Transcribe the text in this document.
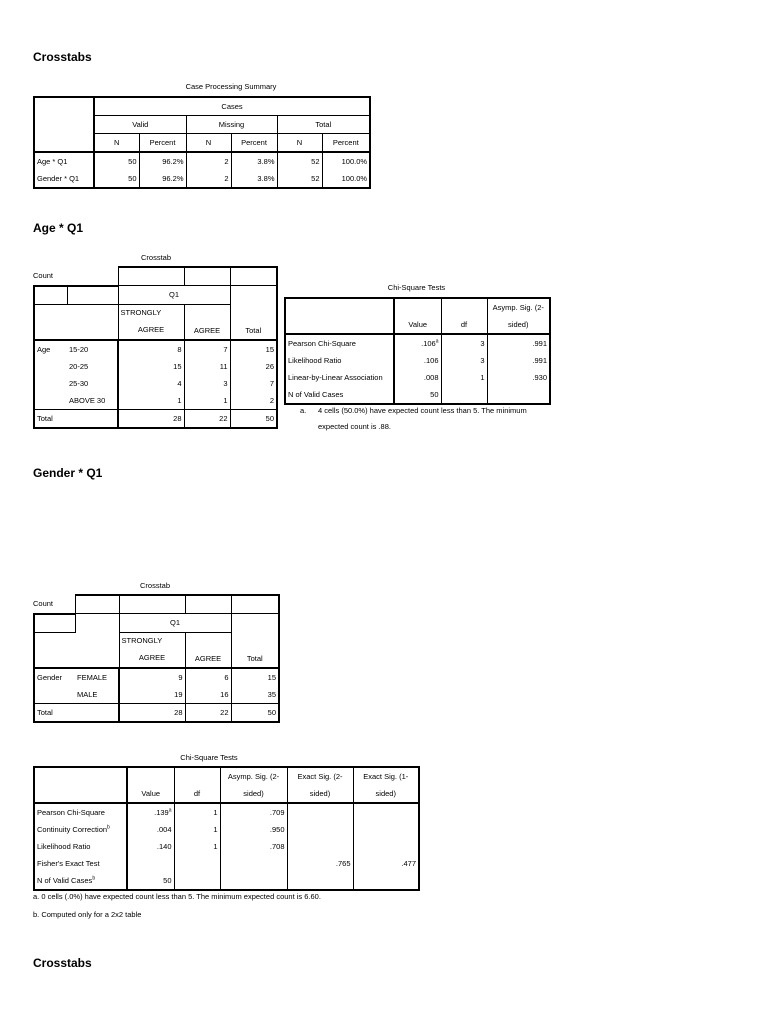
Crosstabs
Case Processing Summary
	Cases					
	Valid		Missing		Total	
	N	Percent	N	Percent	N	Percent
Age * Q1	50	96.2%	2	3.8%	52	100.0%
Gender * Q1	50	96.2%	2	3.8%	52	100.0%
Age * Q1
Crosstab
Count

		Q1		Total
		STRONGLY		
		AGREE	AGREE	
Age	15-20	8	7	15
	20-25	15	11	26
	25-30	4	3	7
	ABOVE 30	1	1	2
Total		28	22	50
Chi-Square Tests
	Value	df	Asymp. Sig. (2-
			sided)
Pearson Chi-Square	.106$^a$	3	.991
Likelihood Ratio	.106	3	.991
Linear-by-Linear Association	.008	1	.930
N of Valid Cases	50		
a. 4 cells (50.0%) have expected count less than 5. The minimum
expected count is .88.
Gender * Q1
Crosstab
Count

		Q1		Total
		STRONGLY		
		AGREE	AGREE	
Gender	FEMALE	9	6	15
	MALE	19	16	35
Total		28	22	50
Chi-Square Tests
	Value	df	Asymp. Sig. (2-	Exact Sig. (2-	Exact Sig. (1-
			sided)	sided)	sided)
Pearson Chi-Square	.139$^a$	1	.709		
Continuity Correction$^b$	.004	1	.950		
Likelihood Ratio	.140	1	.708		
Fisher's Exact Test				.765	.477
N of Valid Cases$^b$	50				
a. 0 cells (.0%) have expected count less than 5. The minimum expected count is 6.60.
b. Computed only for a 2x2 table
Crosstabs
